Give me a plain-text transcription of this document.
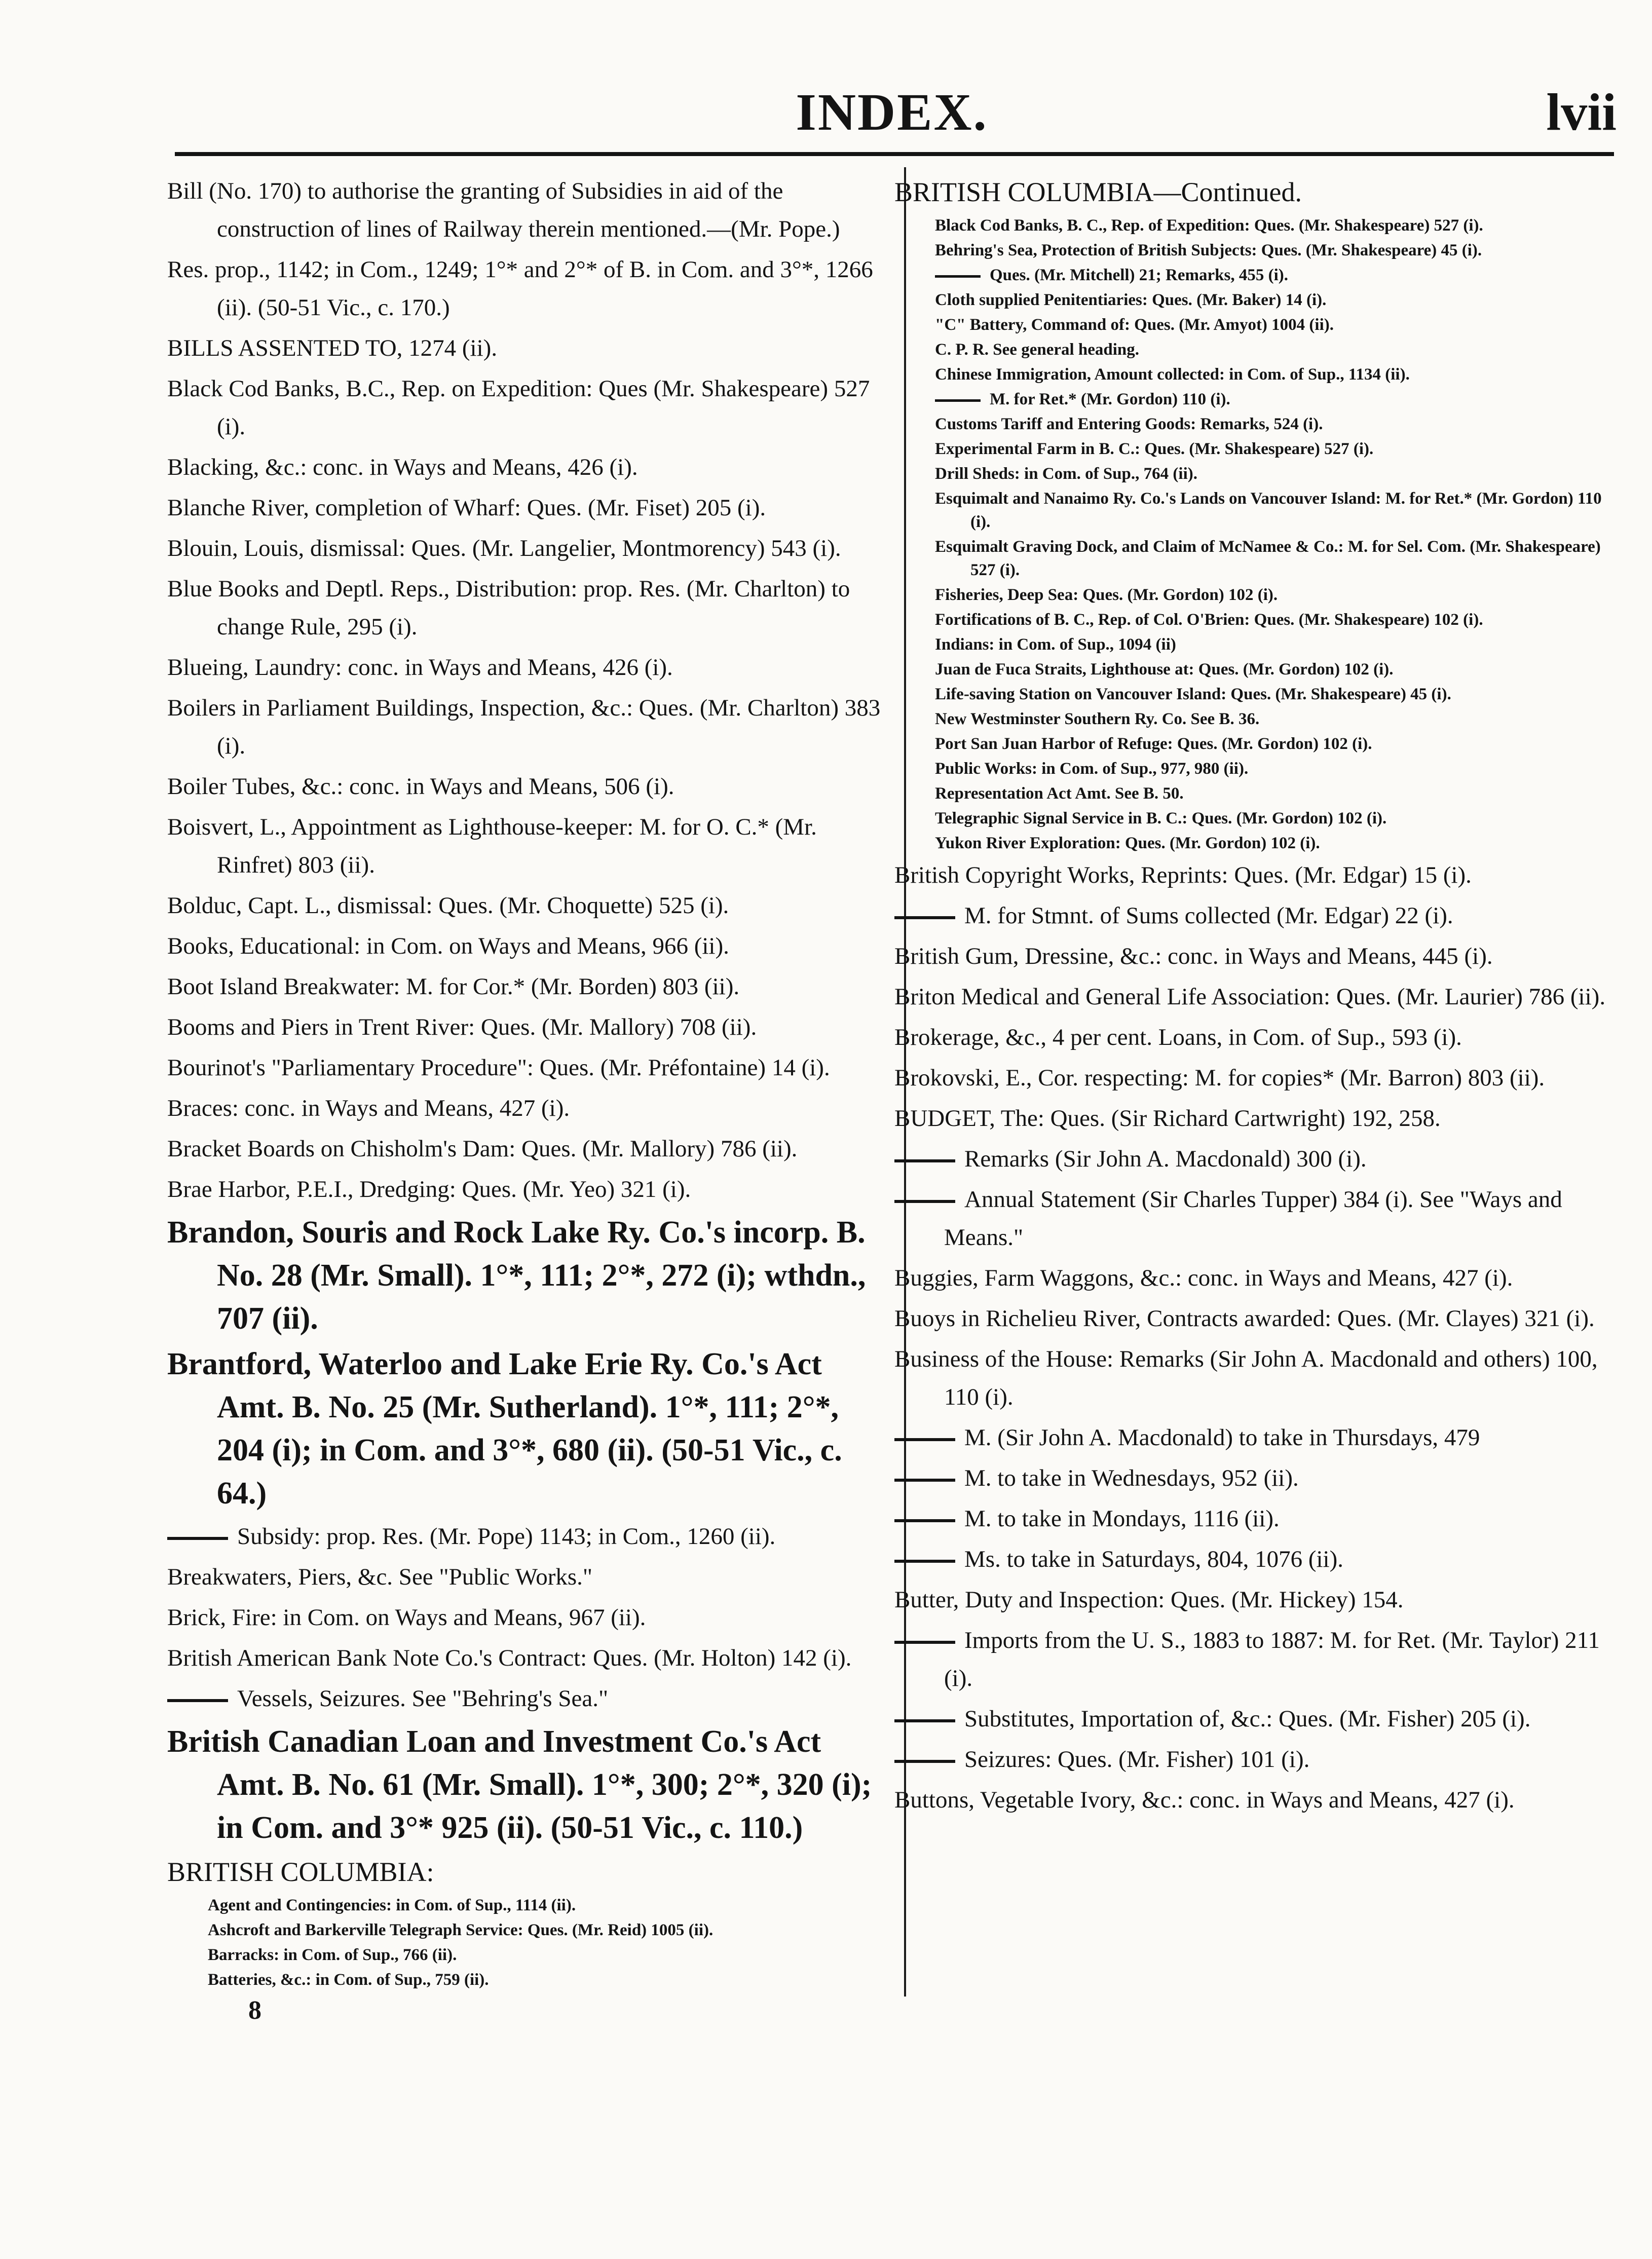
INDEX.	lvii

Bill (No. 170) to authorise the granting of Subsidies in aid of the construction of lines of Railway therein mentioned.—(Mr. Pope.)

Res. prop., 1142; in Com., 1249; 1°* and 2°* of B. in Com. and 3°*, 1266 (ii). (50-51 Vic., c. 170.)

BILLS ASSENTED TO, 1274 (ii).

Black Cod Banks, B.C., Rep. on Expedition: Ques (Mr. Shakespeare) 527 (i).

Blacking, &c.: conc. in Ways and Means, 426 (i).

Blanche River, completion of Wharf: Ques. (Mr. Fiset) 205 (i).

Blouin, Louis, dismissal: Ques. (Mr. Langelier, Montmorency) 543 (i).

Blue Books and Deptl. Reps., Distribution: prop. Res. (Mr. Charlton) to change Rule, 295 (i).

Blueing, Laundry: conc. in Ways and Means, 426 (i).

Boilers in Parliament Buildings, Inspection, &c.: Ques. (Mr. Charlton) 383 (i).

Boiler Tubes, &c.: conc. in Ways and Means, 506 (i).

Boisvert, L., Appointment as Lighthouse-keeper: M. for O. C.* (Mr. Rinfret) 803 (ii).

Bolduc, Capt. L., dismissal: Ques. (Mr. Choquette) 525 (i).

Books, Educational: in Com. on Ways and Means, 966 (ii).

Boot Island Breakwater: M. for Cor.* (Mr. Borden) 803 (ii).

Booms and Piers in Trent River: Ques. (Mr. Mallory) 708 (ii).

Bourinot's "Parliamentary Procedure": Ques. (Mr. Préfontaine) 14 (i).

Braces: conc. in Ways and Means, 427 (i).

Bracket Boards on Chisholm's Dam: Ques. (Mr. Mallory) 786 (ii).

Brae Harbor, P.E.I., Dredging: Ques. (Mr. Yeo) 321 (i).

Brandon, Souris and Rock Lake Ry. Co.'s incorp. B. No. 28 (Mr. Small). 1°*, 111; 2°*, 272 (i); wthdn., 707 (ii).

Brantford, Waterloo and Lake Erie Ry. Co.'s Act Amt. B. No. 25 (Mr. Sutherland). 1°*, 111; 2°*, 204 (i); in Com. and 3°*, 680 (ii). (50-51 Vic., c. 64.)

Subsidy: prop. Res. (Mr. Pope) 1143; in Com., 1260 (ii).

Breakwaters, Piers, &c. See "Public Works."

Brick, Fire: in Com. on Ways and Means, 967 (ii).

British American Bank Note Co.'s Contract: Ques. (Mr. Holton) 142 (i).

Vessels, Seizures. See "Behring's Sea."

British Canadian Loan and Investment Co.'s Act Amt. B. No. 61 (Mr. Small). 1°*, 300; 2°*, 320 (i); in Com. and 3°* 925 (ii). (50-51 Vic., c. 110.)

BRITISH COLUMBIA:

Agent and Contingencies: in Com. of Sup., 1114 (ii).

Ashcroft and Barkerville Telegraph Service: Ques. (Mr. Reid) 1005 (ii).

Barracks: in Com. of Sup., 766 (ii).

Batteries, &c.: in Com. of Sup., 759 (ii).

8

BRITISH COLUMBIA—Continued.

Black Cod Banks, B. C., Rep. of Expedition: Ques. (Mr. Shakespeare) 527 (i).

Behring's Sea, Protection of British Subjects: Ques. (Mr. Shakespeare) 45 (i).

Ques. (Mr. Mitchell) 21; Remarks, 455 (i).

Cloth supplied Penitentiaries: Ques. (Mr. Baker) 14 (i).

"C" Battery, Command of: Ques. (Mr. Amyot) 1004 (ii).

C. P. R. See general heading.

Chinese Immigration, Amount collected: in Com. of Sup., 1134 (ii).

M. for Ret.* (Mr. Gordon) 110 (i).

Customs Tariff and Entering Goods: Remarks, 524 (i).

Experimental Farm in B. C.: Ques. (Mr. Shakespeare) 527 (i).

Drill Sheds: in Com. of Sup., 764 (ii).

Esquimalt and Nanaimo Ry. Co.'s Lands on Vancouver Island: M. for Ret.* (Mr. Gordon) 110 (i).

Esquimalt Graving Dock, and Claim of McNamee & Co.: M. for Sel. Com. (Mr. Shakespeare) 527 (i).

Fisheries, Deep Sea: Ques. (Mr. Gordon) 102 (i).

Fortifications of B. C., Rep. of Col. O'Brien: Ques. (Mr. Shakespeare) 102 (i).

Indians: in Com. of Sup., 1094 (ii)

Juan de Fuca Straits, Lighthouse at: Ques. (Mr. Gordon) 102 (i).

Life-saving Station on Vancouver Island: Ques. (Mr. Shakespeare) 45 (i).

New Westminster Southern Ry. Co. See B. 36.

Port San Juan Harbor of Refuge: Ques. (Mr. Gordon) 102 (i).

Public Works: in Com. of Sup., 977, 980 (ii).

Representation Act Amt. See B. 50.

Telegraphic Signal Service in B. C.: Ques. (Mr. Gordon) 102 (i).

Yukon River Exploration: Ques. (Mr. Gordon) 102 (i).

British Copyright Works, Reprints: Ques. (Mr. Edgar) 15 (i).

M. for Stmnt. of Sums collected (Mr. Edgar) 22 (i).

British Gum, Dressine, &c.: conc. in Ways and Means, 445 (i).

Briton Medical and General Life Association: Ques. (Mr. Laurier) 786 (ii).

Brokerage, &c., 4 per cent. Loans, in Com. of Sup., 593 (i).

Brokovski, E., Cor. respecting: M. for copies* (Mr. Barron) 803 (ii).

BUDGET, The: Ques. (Sir Richard Cartwright) 192, 258.

Remarks (Sir John A. Macdonald) 300 (i).

Annual Statement (Sir Charles Tupper) 384 (i). See "Ways and Means."

Buggies, Farm Waggons, &c.: conc. in Ways and Means, 427 (i).

Buoys in Richelieu River, Contracts awarded: Ques. (Mr. Clayes) 321 (i).

Business of the House: Remarks (Sir John A. Macdonald and others) 100, 110 (i).

M. (Sir John A. Macdonald) to take in Thursdays, 479

M. to take in Wednesdays, 952 (ii).

M. to take in Mondays, 1116 (ii).

Ms. to take in Saturdays, 804, 1076 (ii).

Butter, Duty and Inspection: Ques. (Mr. Hickey) 154.

Imports from the U. S., 1883 to 1887: M. for Ret. (Mr. Taylor) 211 (i).

Substitutes, Importation of, &c.: Ques. (Mr. Fisher) 205 (i).

Seizures: Ques. (Mr. Fisher) 101 (i).

Buttons, Vegetable Ivory, &c.: conc. in Ways and Means, 427 (i).
